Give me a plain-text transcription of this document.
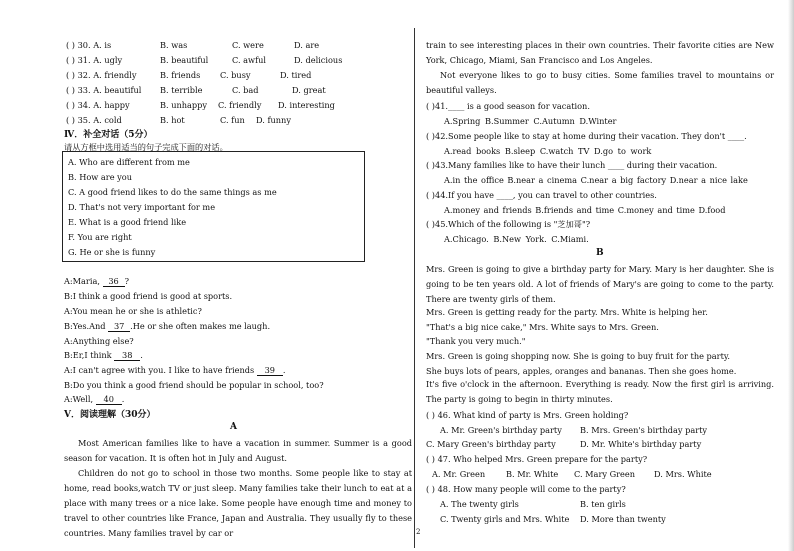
( ) 30. A. is	B. was	C. were	D. are
( ) 31. A. ugly	B. beautiful	C. awful	D. delicious
( ) 32. A. friendly	B. friends C. busy	D. tired
( ) 33. A. beautiful B. terrible	C. bad	D. great
( ) 34. A. happy	B. unhappy C. friendly D. interesting
( ) 35. A. cold	B. hot	C. fun D. funny
Ⅳ．补全对话（5分）
请从方框中选用适当的句子完成下面的对话。
A. Who are different from me
B. How are you
C. A good friend likes to do the same things as me
D. That's not very important for me
E. What is a good friend like
F. You are right
G. He or she is funny
A:Maria, 36 ?
B:I think a good friend is good at sports.
A:You mean he or she is athletic?
B:Yes.And 37 .He or she often makes me laugh.
A:Anything else?
B:Er,I think 38 .
A:I can't agree with you. I like to have friends 39 .
B:Do you think a good friend should be popular in school, too?
A:Well, 40 .
Ⅴ．阅读理解（30分）
A
Most American families like to have a vacation in summer. Summer is a good season for vacation. It is often hot in July and August.
Children do not go to school in those two months. Some people like to stay at home, read books,watch TV or just sleep. Many families take their lunch to eat at a place with many trees or a nice lake. Some people have enough time and money to travel to other countries like France, Japan and Australia. They usually fly to these countries. Many families travel by car or
train to see interesting places in their own countries. Their favorite cities are New York, Chicago, Miami, San Francisco and Los Angeles.
Not everyone likes to go to busy cities. Some families travel to mountains or beautiful valleys.
( )41.____ is a good season for vacation.
A.Spring B.Summer C.Autumn D.Winter
( )42.Some people like to stay at home during their vacation. They don't ____.
A.read books B.sleep C.watch TV D.go to work
( )43.Many families like to have their lunch ____ during their vacation.
A.in the office B.near a cinema C.near a big factory D.near a nice lake
( )44.If you have ____, you can travel to other countries.
A.money and friends B.friends and time C.money and time D.food
( )45.Which of the following is "芝加哥"?
A.Chicago. B.New York. C.Miami.
B
Mrs. Green is going to give a birthday party for Mary. Mary is her daughter. She is going to be ten years old. A lot of friends of Mary's are going to come to the party. There are twenty girls of them.
Mrs. Green is getting ready for the party. Mrs. White is helping her.
"That's a big nice cake," Mrs. White says to Mrs. Green.
"Thank you very much."
Mrs. Green is going shopping now. She is going to buy fruit for the party.
She buys lots of pears, apples, oranges and bananas. Then she goes home.
It's five o'clock in the afternoon. Everything is ready. Now the first girl is arriving. The party is going to begin in thirty minutes.
( ) 46. What kind of party is Mrs. Green holding?
A. Mr. Green's birthday party B. Mrs. Green's birthday party
C. Mary Green's birthday party	D. Mr. White's birthday party
( ) 47. Who helped Mrs. Green prepare for the party?
A. Mr. Green	B. Mr. White C. Mary Green D. Mrs. White
( ) 48. How many people will come to the party?
A. The twenty girls	B. ten girls
C. Twenty girls and Mrs. White D. More than twenty
2
